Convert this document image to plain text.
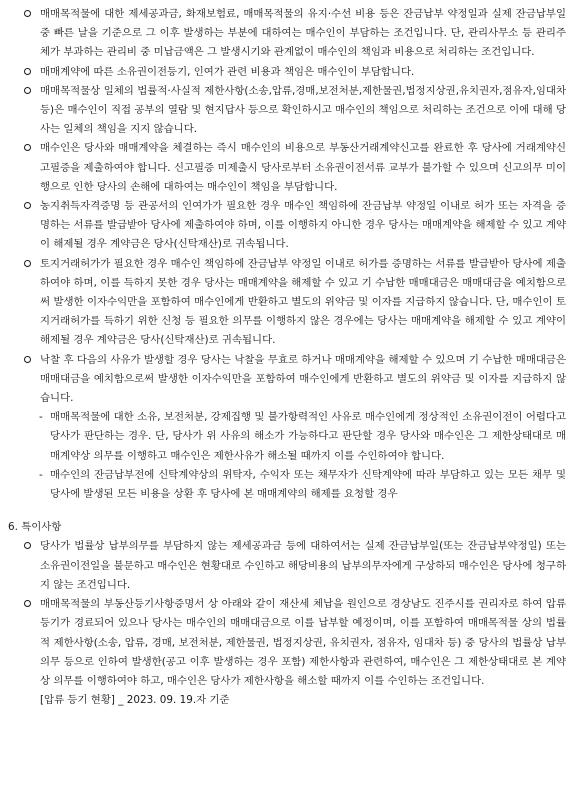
매매목적물에 대한 제세공과금, 화재보험료, 매매목적물의 유지·수선 비용 등은 잔금납부 약정일과 실제 잔금납부일 중 빠른 날을 기준으로 그 이후 발생하는 부분에 대하여는 매수인이 부담하는 조건입니다. 단, 관리사무소 등 관리주체가 부과하는 관리비 중 미납금액은 그 발생시기와 관계없이 매수인의 책임과 비용으로 처리하는 조건입니다.
매매계약에 따른 소유권이전등기, 인여가 관련 비용과 책임은 매수인이 부담합니다.
매매목적물상 일체의 법률적·사실적 제한사항(소송,압류,경매,보전처분,제한물권,법정지상권,유치권자,점유자,임대차 등)은 매수인이 직접 공부의 열람 및 현지답사 등으로 확인하시고 매수인의 책임으로 처리하는 조건으로 이에 대해 당사는 일체의 책임을 지지 않습니다.
매수인은 당사와 매매계약을 체결하는 즉시 매수인의 비용으로 부동산거래계약신고를 완료한 후 당사에 거래계약신고필증을 제출하여야 합니다. 신고필증 미제출시 당사로부터 소유권이전서류 교부가 불가할 수 있으며 신고의무 미이행으로 인한 당사의 손해에 대하여는 매수인이 책임을 부담합니다.
농지취득자격증명 등 관공서의 인여가가 필요한 경우 매수인 책임하에 잔금납부 약정일 이내로 허가 또는 자격을 증명하는 서류를 발급받아 당사에 제출하여야 하며, 이를 이행하지 아니한 경우 당사는 매매계약을 해제할 수 있고 계약이 해제될 경우 계약금은 당사(신탁재산)로 귀속됩니다.
토지거래허가가 필요한 경우 매수인 책임하에 잔금납부 약정일 이내로 허가를 증명하는 서류를 발급받아 당사에 제출하여야 하며, 이를 득하지 못한 경우 당사는 매매계약을 해제할 수 있고 기 수납한 매매대금은 매매대금을 예치함으로써 발생한 이자수익만을 포함하여 매수인에게 반환하고 별도의 위약금 및 이자를 지급하지 않습니다. 단, 매수인이 토지거래허가를 득하기 위한 신청 등 필요한 의무를 이행하지 않은 경우에는 당사는 매매계약을 해제할 수 있고 계약이 해제될 경우 계약금은 당사(신탁재산)로 귀속됩니다.
낙찰 후 다음의 사유가 발생할 경우 당사는 낙찰을 무효로 하거나 매매계약을 해제할 수 있으며 기 수납한 매매대금은 매매대금을 예치함으로써 발생한 이자수익만을 포함하여 매수인에게 반환하고 별도의 위약금 및 이자를 지급하지 않습니다.
- 매매목적물에 대한 소유, 보전처분, 강제집행 및 불가항력적인 사유로 매수인에게 정상적인 소유권이전이 어렵다고 당사가 판단하는 경우. 단, 당사가 위 사유의 해소가 가능하다고 판단할 경우 당사와 매수인은 그 제한상태대로 매매계약상 의무를 이행하고 매수인은 제한사유가 해소될 때까지 이를 수인하여야 합니다.
- 매수인의 잔금납부전에 신탁계약상의 위탁자, 수익자 또는 채무자가 신탁계약에 따라 부담하고 있는 모든 채무 및 당사에 발생된 모든 비용을 상환 후 당사에 본 매매계약의 해제를 요청할 경우
6. 특이사항
당사가 법률상 납부의무를 부담하지 않는 제세공과금 등에 대하여서는 실제 잔금납부일(또는 잔금납부약정일) 또는 소유권이전일을 불문하고 매수인은 현황대로 수인하고 해당비용의 납부의무자에게 구상하되 매수인은 당사에 청구하지 않는 조건입니다.
매매목적물의 부동산등기사항증명서 상 아래와 같이 재산세 체납을 원인으로 경상남도 진주시를 권리자로 하여 압류등기가 경료되어 있으나 당사는 매수인의 매매대금으로 이를 납부할 예정이며, 이를 포함하여 매매목적물 상의 법률적 제한사항(소송, 압류, 경매, 보전처분, 제한물권, 법정지상권, 유치권자, 점유자, 임대차 등) 중 당사의 법률상 납부의무 등으로 인하여 발생한(공고 이후 발생하는 경우 포함) 제한사항과 관련하여, 매수인은 그 제한상태대로 본 계약 상 의무를 이행하여야 하고, 매수인은 당사가 제한사항을 해소할 때까지 이를 수인하는 조건입니다.
[압류 등기 현황] _ 2023. 09. 19.자 기준
